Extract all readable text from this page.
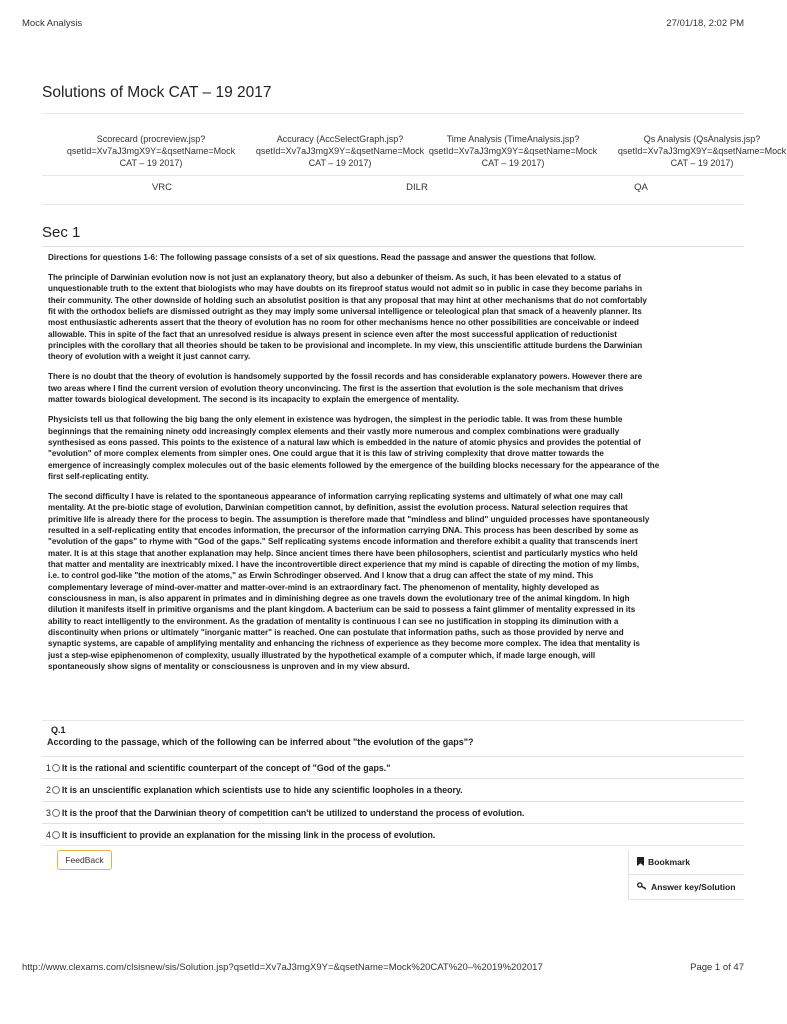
Mock Analysis	27/01/18, 2:02 PM
Solutions of Mock CAT – 19 2017
Scorecard (procreview.jsp?
qsetId=Xv7aJ3mgX9Y=&qsetName=Mock
CAT – 19 2017)
Accuracy (AccSelectGraph.jsp?
qsetId=Xv7aJ3mgX9Y=&qsetName=Mock
CAT – 19 2017)
Time Analysis (TimeAnalysis.jsp?
qsetId=Xv7aJ3mgX9Y=&qsetName=Mock
CAT – 19 2017)
Qs Analysis (QsAnalysis.jsp?
qsetId=Xv7aJ3mgX9Y=&qsetName=Mock
CAT – 19 2017)
VRC	DILR	QA
Sec 1

Directions for questions 1-6: The following passage consists of a set of six questions. Read the passage and answer the questions that follow.

The principle of Darwinian evolution now is not just an explanatory theory, but also a debunker of theism. As such, it has been elevated to a status of
unquestionable truth to the extent that biologists who may have doubts on its fireproof status would not admit so in public in case they become pariahs in
their community. The other downside of holding such an absolutist position is that any proposal that may hint at other mechanisms that do not comfortably
fit with the orthodox beliefs are dismissed outright as they may imply some universal intelligence or teleological plan that smack of a heavenly planner. Its
most enthusiastic adherents assert that the theory of evolution has no room for other mechanisms hence no other possibilities are conceivable or indeed
allowable. This in spite of the fact that an unresolved residue is always present in science even after the most successful application of reductionist
principles with the corollary that all theories should be taken to be provisional and incomplete. In my view, this unscientific attitude burdens the Darwinian
theory of evolution with a weight it just cannot carry.

There is no doubt that the theory of evolution is handsomely supported by the fossil records and has considerable explanatory powers. However there are
two areas where I find the current version of evolution theory unconvincing. The first is the assertion that evolution is the sole mechanism that drives
matter towards biological development. The second is its incapacity to explain the emergence of mentality.

Physicists tell us that following the big bang the only element in existence was hydrogen, the simplest in the periodic table. It was from these humble
beginnings that the remaining ninety odd increasingly complex elements and their vastly more numerous and complex combinations were gradually
synthesised as eons passed. This points to the existence of a natural law which is embedded in the nature of atomic physics and provides the potential of
"evolution" of more complex elements from simpler ones. One could argue that it is this law of striving complexity that drove matter towards the
emergence of increasingly complex molecules out of the basic elements followed by the emergence of the building blocks necessary for the appearance of the
first self-replicating entity.

The second difficulty I have is related to the spontaneous appearance of information carrying replicating systems and ultimately of what one may call
mentality. At the pre-biotic stage of evolution, Darwinian competition cannot, by definition, assist the evolution process. Natural selection requires that
primitive life is already there for the process to begin. The assumption is therefore made that "mindless and blind" unguided processes have spontaneously
resulted in a self-replicating entity that encodes information, the precursor of the information carrying DNA. This process has been described by some as
"evolution of the gaps" to rhyme with "God of the gaps." Self replicating systems encode information and therefore exhibit a quality that transcends inert
mater. It is at this stage that another explanation may help. Since ancient times there have been philosophers, scientist and particularly mystics who held
that matter and mentality are inextricably mixed. I have the incontrovertible direct experience that my mind is capable of directing the motion of my limbs,
i.e. to control god-like "the motion of the atoms," as Erwin Schrodinger observed. And I know that a drug can affect the state of my mind. This
complementary leverage of mind-over-matter and matter-over-mind is an extraordinary fact. The phenomenon of mentality, highly developed as
consciousness in man, is also apparent in primates and in diminishing degree as one travels down the evolutionary tree of the animal kingdom. In high
dilution it manifests itself in primitive organisms and the plant kingdom. A bacterium can be said to possess a faint glimmer of mentality expressed in its
ability to react intelligently to the environment. As the gradation of mentality is continuous I can see no justification in stopping its diminution with a
discontinuity when prions or ultimately "inorganic matter" is reached. One can postulate that information paths, such as those provided by nerve and
synaptic systems, are capable of amplifying mentality and enhancing the richness of experience as they become more complex. The idea that mentality is
just a step-wise epiphenomenon of complexity, usually illustrated by the hypothetical example of a computer which, if made large enough, will
spontaneously show signs of mentality or consciousness is unproven and in my view absurd.

Q.1
According to the passage, which of the following can be inferred about "the evolution of the gaps"?
1 It is the rational and scientific counterpart of the concept of "God of the gaps."
2 It is an unscientific explanation which scientists use to hide any scientific loopholes in a theory.
3 It is the proof that the Darwinian theory of competition can't be utilized to understand the process of evolution.
4 It is insufficient to provide an explanation for the missing link in the process of evolution.
FeedBack	Bookmark
Answer key/Solution
http://www.clexams.com/clsisnew/sis/Solution.jsp?qsetId=Xv7aJ3mgX9Y=&qsetName=Mock%20CAT%20–%2019%202017	Page 1 of 47
